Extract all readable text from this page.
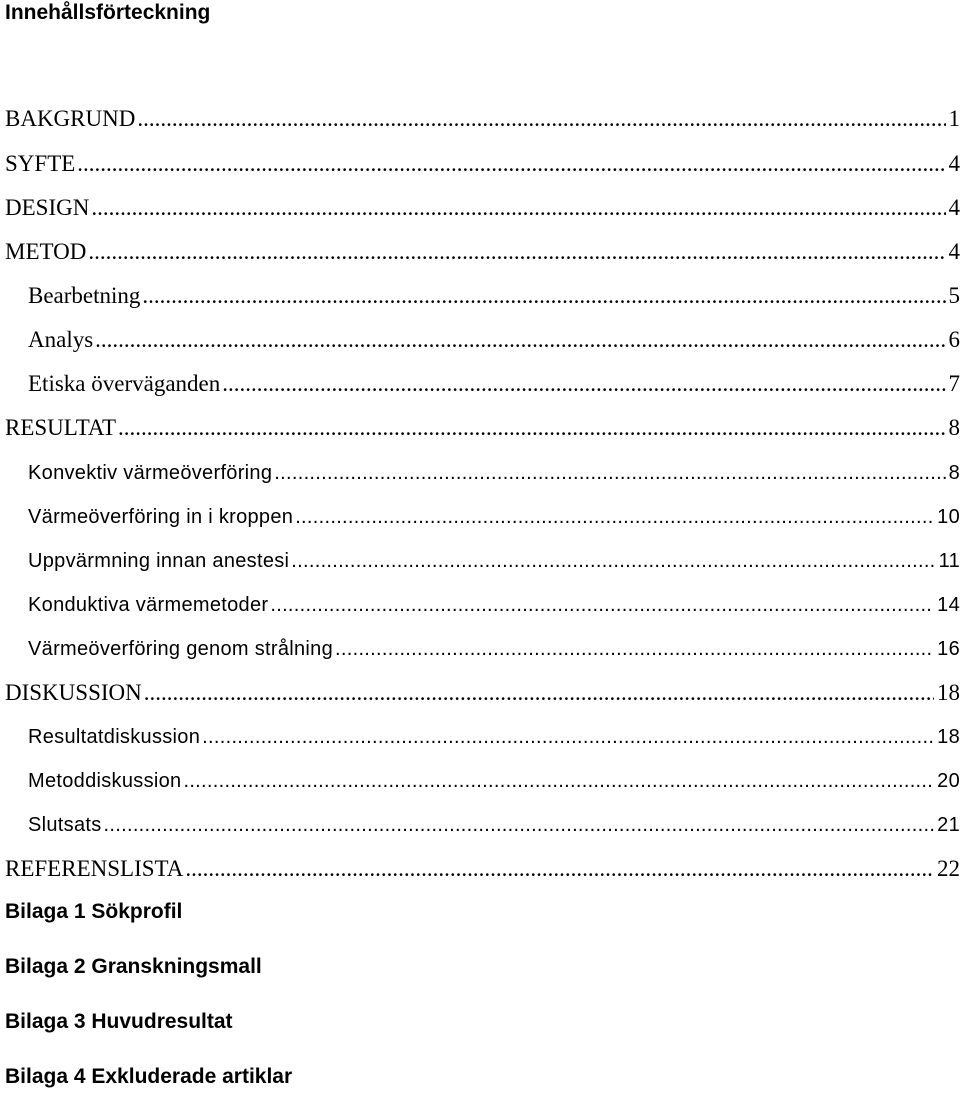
Innehållsförteckning
BAKGRUND .....	1
SYFTE .....	4
DESIGN .....	4
METOD .....	4
Bearbetning .....	5
Analys .....	6
Etiska överväganden .....	7
RESULTAT .....	8
Konvektiv värmeöverföring .....	8
Värmeöverföring in i kroppen .....	10
Uppvärmning innan anestesi .....	11
Konduktiva värmemetoder .....	14
Värmeöverföring genom strålning .....	16
DISKUSSION .....	18
Resultatdiskussion .....	18
Metoddiskussion .....	20
Slutsats .....	21
REFERENSLISTA .....	22
Bilaga 1 Sökprofil
Bilaga 2 Granskningsmall
Bilaga 3 Huvudresultat
Bilaga 4 Exkluderade artiklar
